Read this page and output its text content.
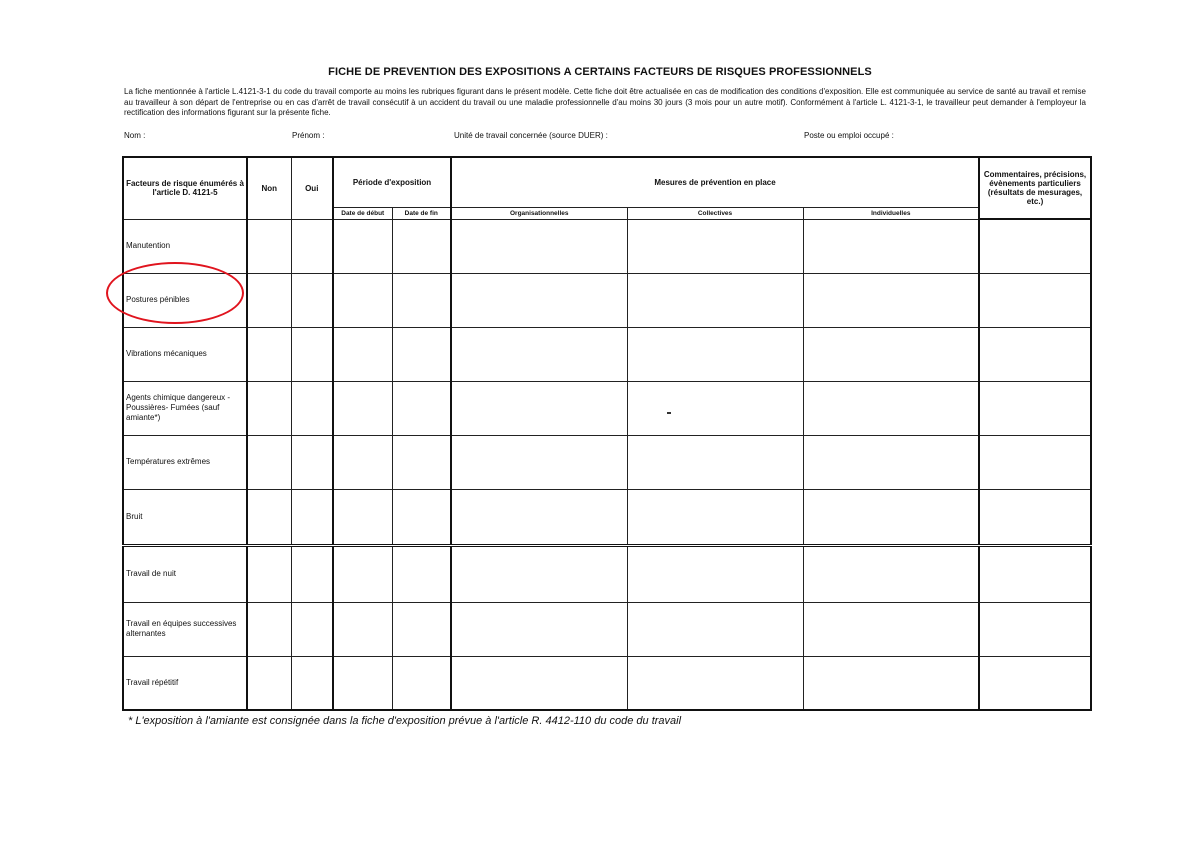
FICHE DE PREVENTION DES EXPOSITIONS A CERTAINS FACTEURS DE RISQUES PROFESSIONNELS
La fiche mentionnée à l'article L.4121-3-1 du code du travail comporte au moins les rubriques figurant dans le présent modèle. Cette fiche doit être actualisée en cas de modification des conditions d'exposition. Elle est communiquée au service de santé au travail et remise au travailleur à son départ de l'entreprise ou en cas d'arrêt de travail consécutif à un accident du travail ou une maladie professionnelle d'au moins 30 jours (3 mois pour un autre motif). Conformément à l'article L. 4121-3-1, le travailleur peut demander à l'employeur la rectification des informations figurant sur la présente fiche.
Nom :	Prénom :	Unité de travail concernée (source DUER) :	Poste ou emploi occupé :
Facteurs de risque énumérés à l'article D. 4121-5	Non	Oui	Période d'exposition		Mesures de prévention en place			Commentaires, précisions, évènements particuliers (résultats de mesurages, etc.)
			Date de début	Date de fin	Organisationnelles	Collectives	Individuelles	
Manutention								
Postures pénibles								
Vibrations mécaniques								
Agents chimique dangereux - Poussières- Fumées (sauf amiante*)								
Températures extrêmes								
Bruit								
Travail de nuit								
Travail en équipes successives alternantes								
Travail répétitif								
* L'exposition à l'amiante est consignée dans la fiche d'exposition prévue à l'article R. 4412-110 du code du travail
